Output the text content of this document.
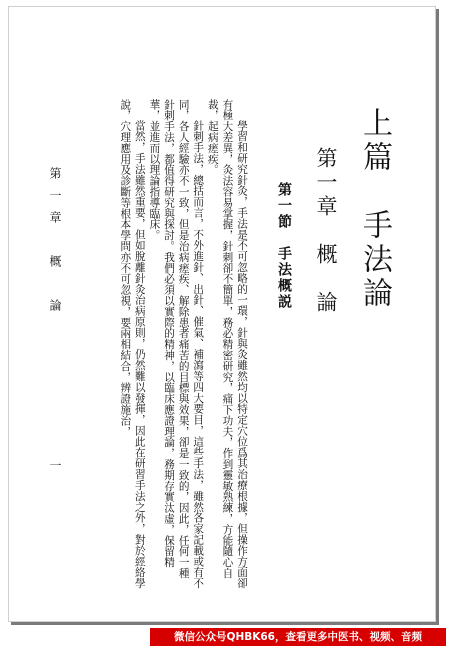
上篇　手法論
第一章　概　論
第一節　手法概説
學習和研究針灸，手法是不可忽略的一環，針與灸雖然均以特定穴位爲其治療根據，但操作方面卻有極大差異，灸法容易掌握，針刺卻不簡單，務必精密研究，痛下功夫，作到靈敏熟練，方能隨心自裁，起病瘥疾。
針刺手法，總括而言，不外進針、出針、催氣、補瀉等四大要目，這些手法，雖然各家記載或有不同，各人經驗亦不一致，但是治病瘥疾、解除患者痛苦的目標與效果，卻是一致的，因此，任何一種針刺手法，都值得研究與探討。我們必須以實際的精神，以臨床應證理論，務期存實汰虛，保留精華，並進而以理論指導臨床。
當然，手法雖然重要，但如脫離針灸治病原則，仍然難以發揮，因此在研習手法之外，對於經絡學說，穴理應用及診斷等根本學問亦不可忽視，要兩相結合，辨證施治，
第一章　概　論
一
微信公众号QHBK66，查看更多中医书、视频、音频
